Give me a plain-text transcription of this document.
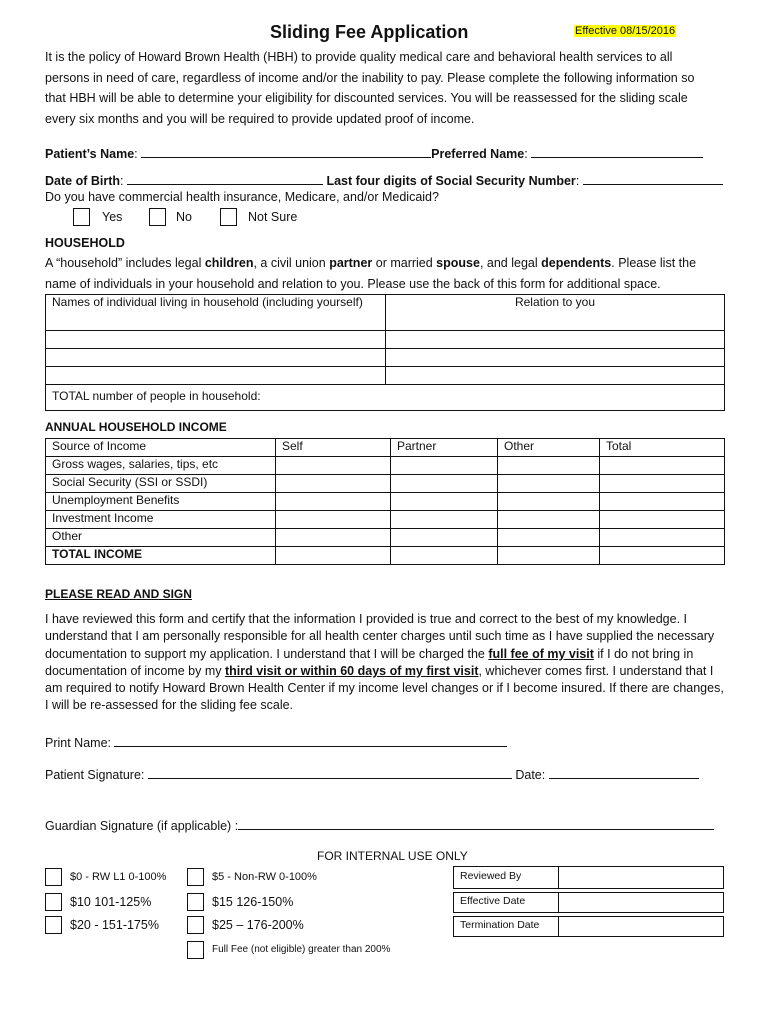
Sliding Fee Application	Effective 08/15/2016
It is the policy of Howard Brown Health (HBH) to provide quality medical care and behavioral health services to all persons in need of care, regardless of income and/or the inability to pay. Please complete the following information so that HBH will be able to determine your eligibility for discounted services. You will be reassessed for the sliding scale every six months and you will be required to provide updated proof of income.
Patient’s Name:	Preferred Name:
Date of Birth:	Last four digits of Social Security Number:
Do you have commercial health insurance, Medicare, and/or Medicaid?
Yes	No	Not Sure
HOUSEHOLD
A “household” includes legal children, a civil union partner or married spouse, and legal dependents. Please list the name of individuals in your household and relation to you. Please use the back of this form for additional space.
Names of individual living in household (including yourself)	Relation to you

TOTAL number of people in household:	
ANNUAL HOUSEHOLD INCOME
Source of Income	Self	Partner	Other	Total
Gross wages, salaries, tips, etc				
Social Security (SSI or SSDI)				
Unemployment Benefits				
Investment Income				
Other				
TOTAL INCOME				
PLEASE READ AND SIGN
I have reviewed this form and certify that the information I provided is true and correct to the best of my knowledge. I understand that I am personally responsible for all health center charges until such time as I have supplied the necessary documentation to support my application. I understand that I will be charged the full fee of my visit if I do not bring in documentation of income by my third visit or within 60 days of my first visit, whichever comes first. I understand that I am required to notify Howard Brown Health Center if my income level changes or if I become insured. If there are changes, I will be re-assessed for the sliding fee scale.
Print Name:
Patient Signature:	Date:
Guardian Signature (if applicable) :
FOR INTERNAL USE ONLY
$0 - RW L1 0-100%	$5 - Non-RW 0-100%
$10 101-125%	$15 126-150%
$20 - 151-175%	$25 – 176-200%
Full Fee (not eligible) greater than 200%
Reviewed By	
Effective Date	
Termination Date	
